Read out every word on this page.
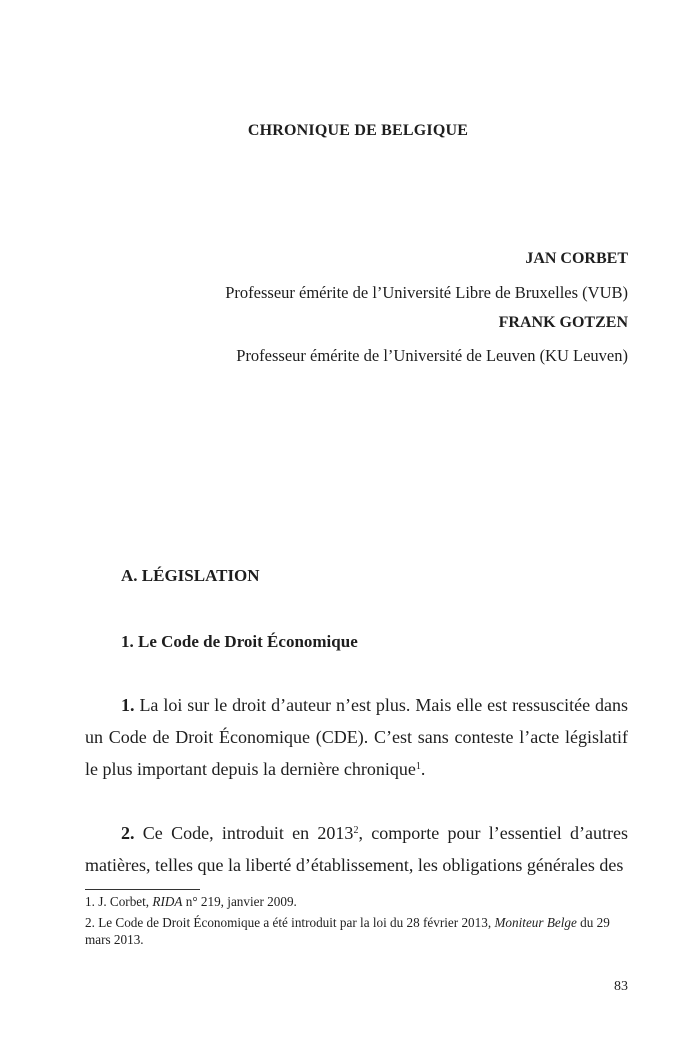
CHRONIQUE DE BELGIQUE
JAN CORBET
Professeur émérite de l’Université Libre de Bruxelles (VUB)
FRANK GOTZEN
Professeur émérite de l’Université de Leuven (KU Leuven)
A. LÉGISLATION
1. Le Code de Droit Économique
1. La loi sur le droit d’auteur n’est plus. Mais elle est ressuscitée dans un Code de Droit Économique (CDE). C’est sans conteste l’acte législatif le plus important depuis la dernière chronique$^1$.
2. Ce Code, introduit en 2013$^2$, comporte pour l’essentiel d’autres matières, telles que la liberté d’établissement, les obligations générales des
1. J. Corbet, RIDA n° 219, janvier 2009.
2. Le Code de Droit Économique a été introduit par la loi du 28 février 2013, Moniteur Belge du 29 mars 2013.
83
